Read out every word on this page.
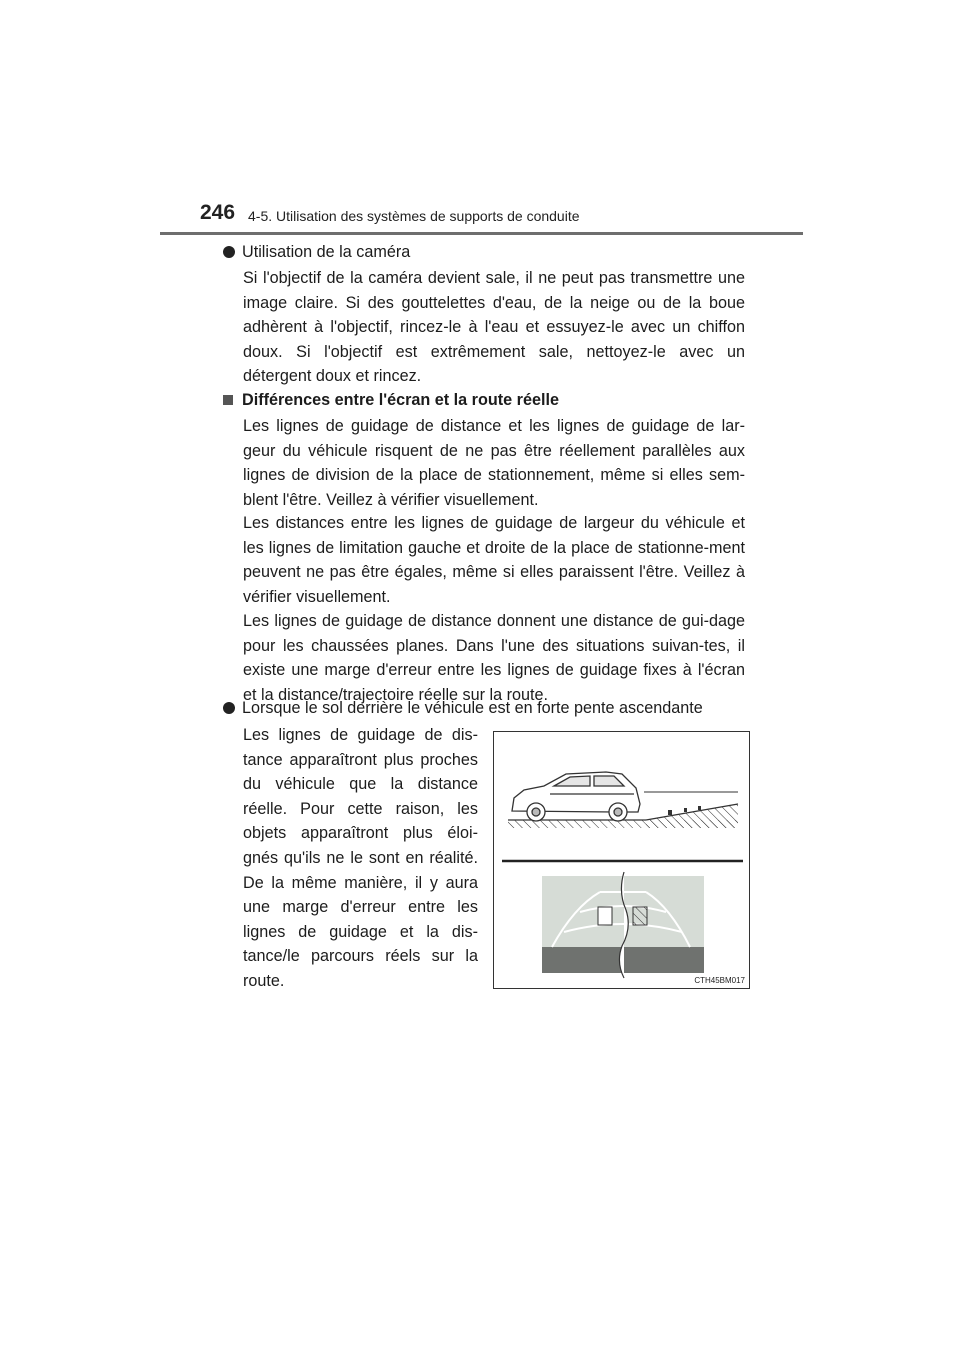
246 4-5. Utilisation des systèmes de supports de conduite
Utilisation de la caméra

Si l'objectif de la caméra devient sale, il ne peut pas transmettre une image claire. Si des gouttelettes d'eau, de la neige ou de la boue adhèrent à l'objectif, rincez-le à l'eau et essuyez-le avec un chiffon doux. Si l'objectif est extrêmement sale, nettoyez-le avec un détergent doux et rincez.

Différences entre l'écran et la route réelle

Les lignes de guidage de distance et les lignes de guidage de lar-geur du véhicule risquent de ne pas être réellement parallèles aux lignes de division de la place de stationnement, même si elles sem-blent l'être. Veillez à vérifier visuellement.

Les distances entre les lignes de guidage de largeur du véhicule et les lignes de limitation gauche et droite de la place de stationne-ment peuvent ne pas être égales, même si elles paraissent l'être. Veillez à vérifier visuellement.

Les lignes de guidage de distance donnent une distance de gui-dage pour les chaussées planes. Dans l'une des situations suivan-tes, il existe une marge d'erreur entre les lignes de guidage fixes à l'écran et la distance/trajectoire réelle sur la route.

Lorsque le sol derrière le véhicule est en forte pente ascendante

Les lignes de guidage de dis-tance apparaîtront plus proches du véhicule que la distance réelle. Pour cette raison, les objets apparaîtront plus éloi-gnés qu'ils ne le sont en réalité. De la même manière, il y aura une marge d'erreur entre les lignes de guidage et la dis-tance/le parcours réels sur la route.	CTH45BM017
